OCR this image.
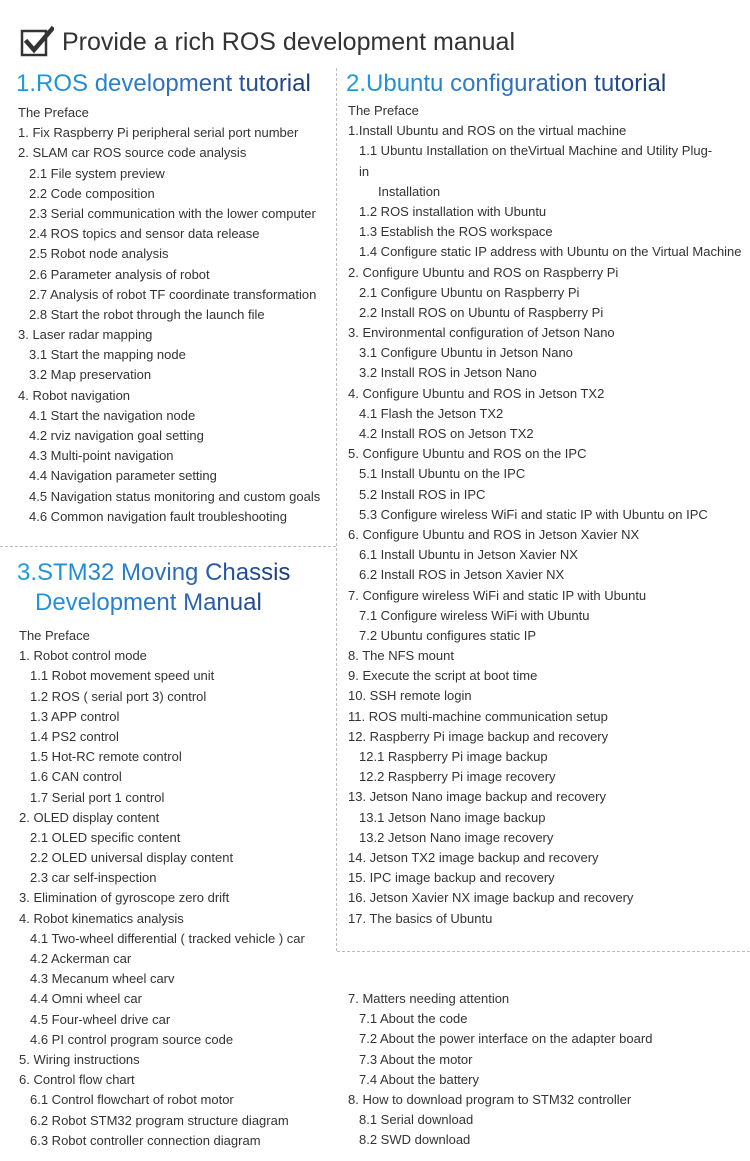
Provide a rich ROS development manual
1.ROS development tutorial
The Preface
1. Fix Raspberry Pi peripheral serial port number
2. SLAM car ROS source code analysis
2.1 File system preview
2.2 Code composition
2.3 Serial communication with the lower computer
2.4 ROS topics and sensor data release
2.5 Robot node analysis
2.6 Parameter analysis of robot
2.7 Analysis of robot TF coordinate transformation
2.8 Start the robot through the launch file
3. Laser radar mapping
3.1 Start the mapping node
3.2 Map preservation
4. Robot navigation
4.1 Start the navigation node
4.2 rviz navigation goal setting
4.3 Multi-point navigation
4.4 Navigation parameter setting
4.5 Navigation status monitoring and custom goals
4.6 Common navigation fault troubleshooting
2.Ubuntu configuration tutorial
The Preface
1.Install Ubuntu and ROS on the virtual machine
1.1 Ubuntu Installation on theVirtual Machine and Utility Plug-in
Installation
1.2 ROS installation with Ubuntu
1.3 Establish the ROS workspace
1.4 Configure static IP address with Ubuntu on the Virtual Machine
2. Configure Ubuntu and ROS on Raspberry Pi
2.1 Configure Ubuntu on Raspberry Pi
2.2 Install ROS on Ubuntu of Raspberry Pi
3. Environmental configuration of Jetson Nano
3.1 Configure Ubuntu in Jetson Nano
3.2 Install ROS in Jetson Nano
4. Configure Ubuntu and ROS in Jetson TX2
4.1 Flash the Jetson TX2
4.2 Install ROS on Jetson TX2
5. Configure Ubuntu and ROS on the IPC
5.1 Install Ubuntu on the IPC
5.2 Install ROS in IPC
5.3 Configure wireless WiFi and static IP with Ubuntu on IPC
6. Configure Ubuntu and ROS in Jetson Xavier NX
6.1 Install Ubuntu in Jetson Xavier NX
6.2 Install ROS in Jetson Xavier NX
7. Configure wireless WiFi and static IP with Ubuntu
7.1 Configure wireless WiFi with Ubuntu
7.2 Ubuntu configures static IP
8. The NFS mount
9. Execute the script at boot time
10. SSH remote login
11. ROS multi-machine communication setup
12. Raspberry Pi image backup and recovery
12.1 Raspberry Pi image backup
12.2 Raspberry Pi image recovery
13. Jetson Nano image backup and recovery
13.1 Jetson Nano image backup
13.2 Jetson Nano image recovery
14. Jetson TX2 image backup and recovery
15. IPC image backup and recovery
16. Jetson Xavier NX image backup and recovery
17. The basics of Ubuntu
3.STM32 Moving Chassis
Development Manual
The Preface
1. Robot control mode
1.1 Robot movement speed unit
1.2 ROS ( serial port 3) control
1.3 APP control
1.4 PS2 control
1.5 Hot-RC remote control
1.6 CAN control
1.7 Serial port 1 control
2. OLED display content
2.1 OLED specific content
2.2 OLED universal display content
2.3 car self-inspection
3. Elimination of gyroscope zero drift
4. Robot kinematics analysis
4.1 Two-wheel differential ( tracked vehicle ) car
4.2 Ackerman car
4.3 Mecanum wheel carv
4.4 Omni wheel car
4.5 Four-wheel drive car
4.6 PI control program source code
5. Wiring instructions
6. Control flow chart
6.1 Control flowchart of robot motor
6.2 Robot STM32 program structure diagram
6.3 Robot controller connection diagram
7. Matters needing attention
7.1 About the code
7.2 About the power interface on the adapter board
7.3 About the motor
7.4 About the battery
8. How to download program to STM32 controller
8.1 Serial download
8.2 SWD download
